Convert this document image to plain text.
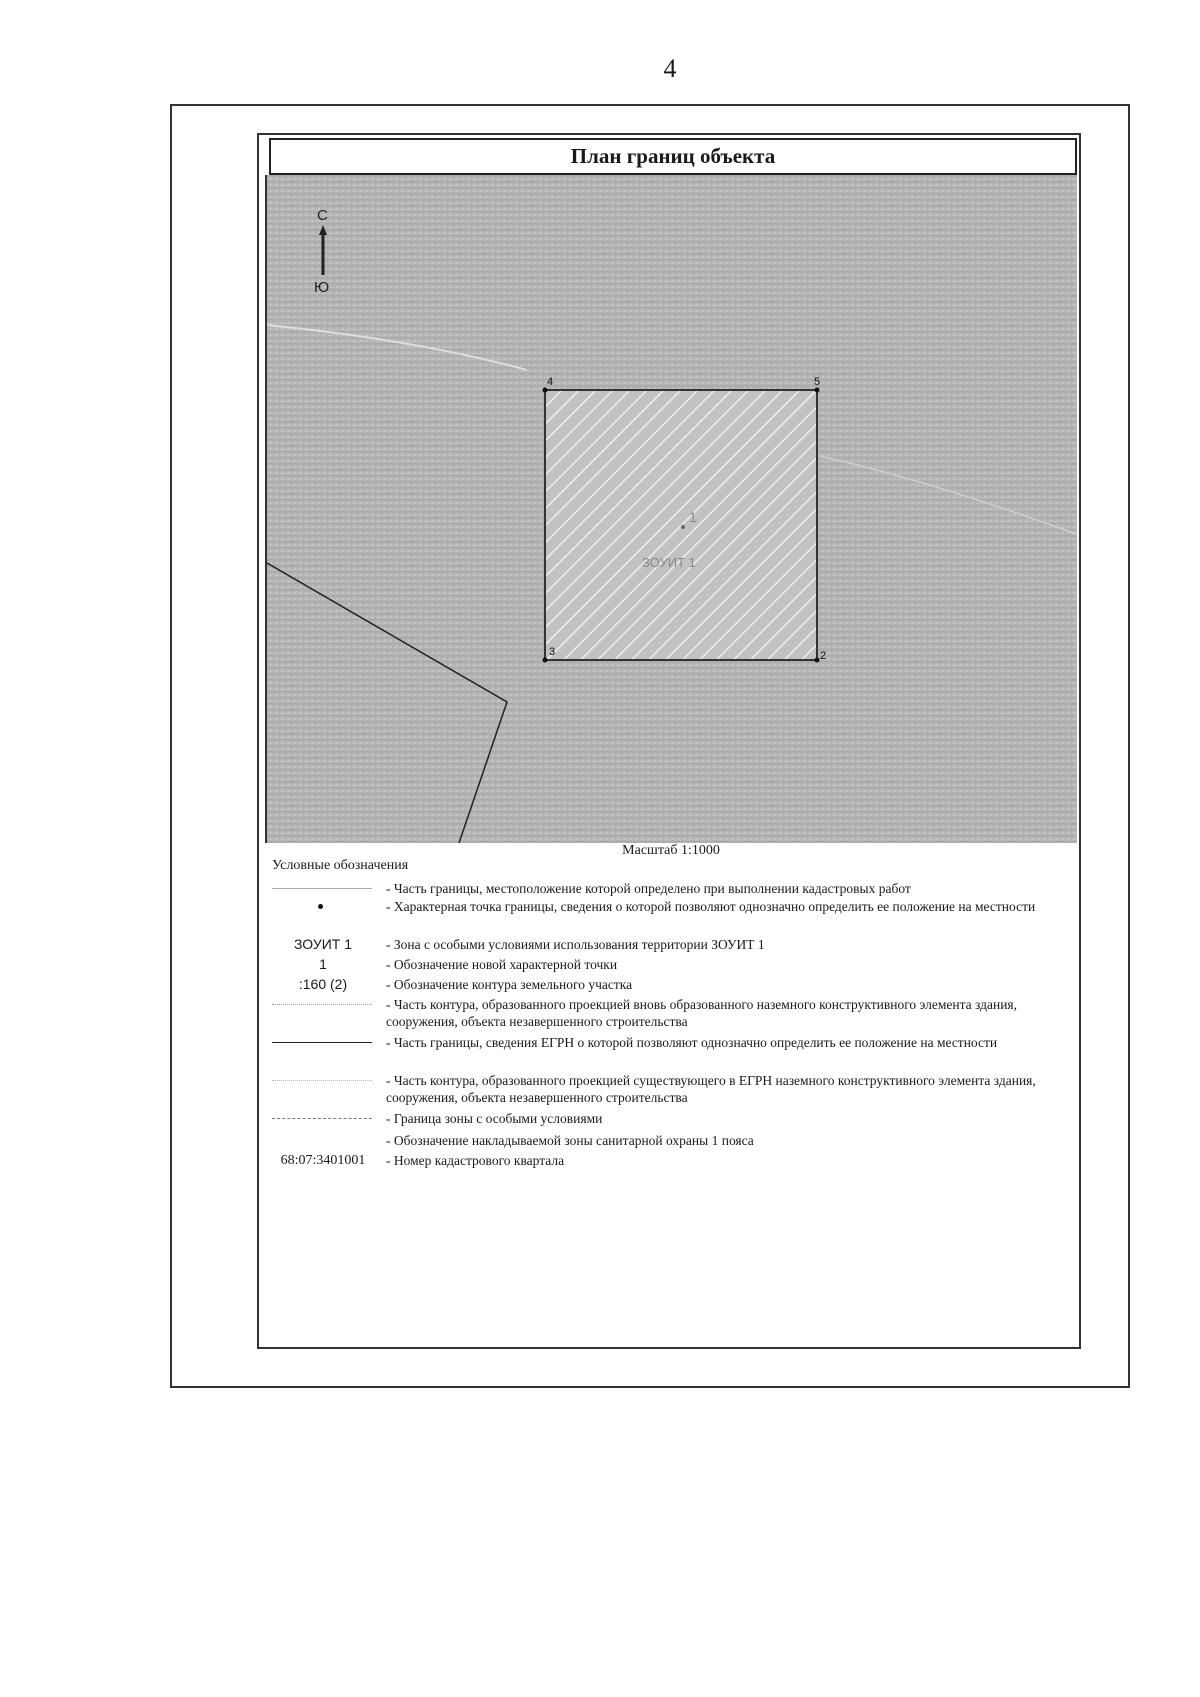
4
План границ объекта
4	5
2
3
1
ЗОУИТ 1
С
Ю
Масштаб 1:1000
Условные обозначения
- Часть границы, местоположение которой определено при выполнении кадастровых работ
- Характерная точка границы, сведения о которой позволяют однозначно определить ее положение на местности
ЗОУИТ 1	- Зона с особыми условиями использования территории ЗОУИТ 1
1	- Обозначение новой характерной точки
:160 (2)	- Обозначение контура земельного участка
- Часть контура, образованного проекцией вновь образованного наземного конструктивного элемента здания, сооружения, объекта незавершенного строительства
- Часть границы, сведения ЕГРН о которой позволяют однозначно определить ее положение на местности
- Часть контура, образованного проекцией существующего в ЕГРН наземного конструктивного элемента здания, сооружения, объекта незавершенного строительства
- Граница зоны с особыми условиями
- Обозначение накладываемой зоны санитарной охраны 1 пояса
68:07:3401001	- Номер кадастрового квартала
